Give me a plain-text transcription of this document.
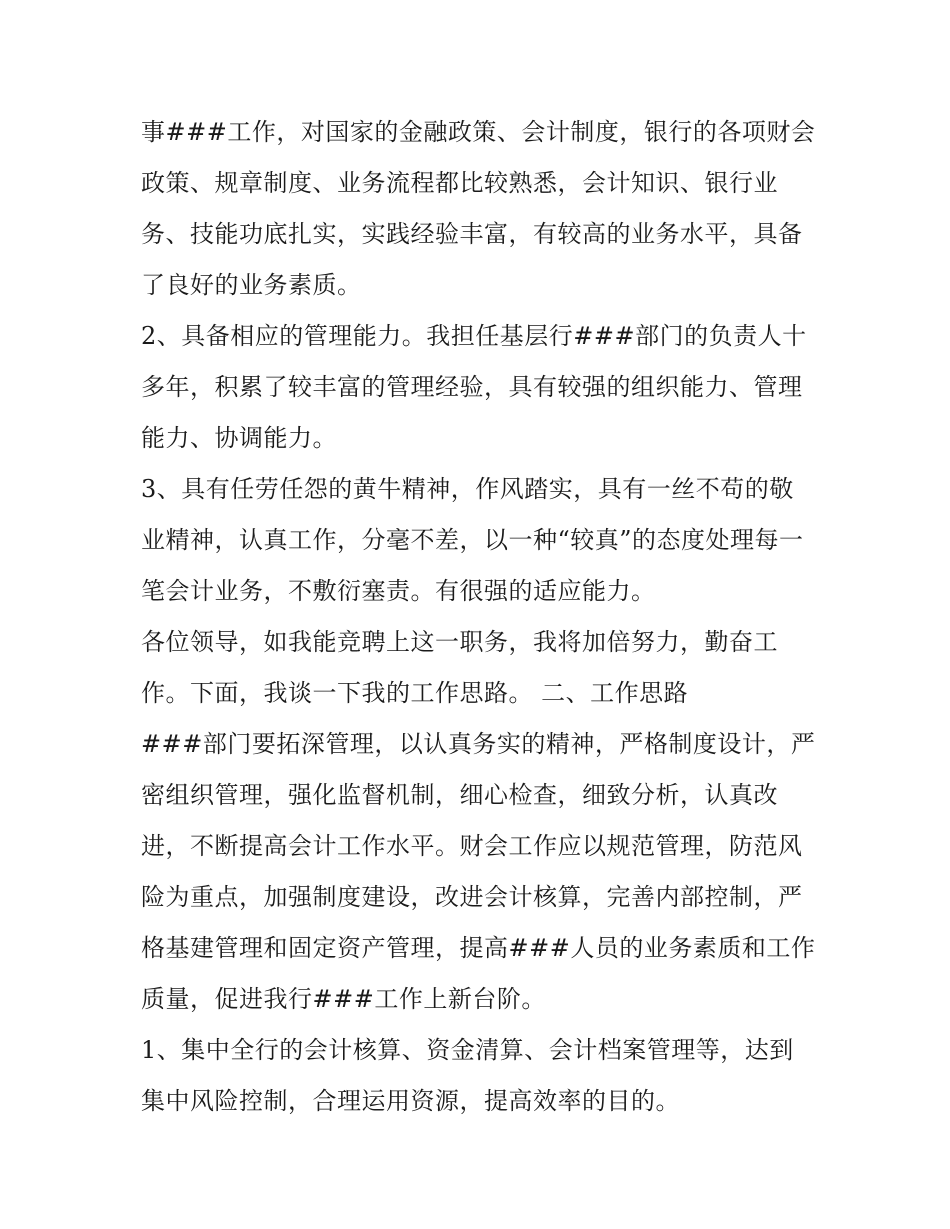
事###工作，对国家的金融政策、会计制度，银行的各项财会
政策、规章制度、业务流程都比较熟悉，会计知识、银行业
务、技能功底扎实，实践经验丰富，有较高的业务水平，具备
了良好的业务素质。
2、具备相应的管理能力。我担任基层行###部门的负责人十
多年，积累了较丰富的管理经验，具有较强的组织能力、管理
能力、协调能力。
3、具有任劳任怨的黄牛精神，作风踏实，具有一丝不苟的敬
业精神，认真工作，分毫不差，以一种“较真”的态度处理每一
笔会计业务，不敷衍塞责。有很强的适应能力。
各位领导，如我能竞聘上这一职务，我将加倍努力，勤奋工
作。下面，我谈一下我的工作思路。 二、工作思路
###部门要拓深管理，以认真务实的精神，严格制度设计，严
密组织管理，强化监督机制，细心检查，细致分析，认真改
进，不断提高会计工作水平。财会工作应以规范管理，防范风
险为重点，加强制度建设，改进会计核算，完善内部控制，严
格基建管理和固定资产管理，提高###人员的业务素质和工作
质量，促进我行###工作上新台阶。
1、集中全行的会计核算、资金清算、会计档案管理等，达到
集中风险控制，合理运用资源，提高效率的目的。
